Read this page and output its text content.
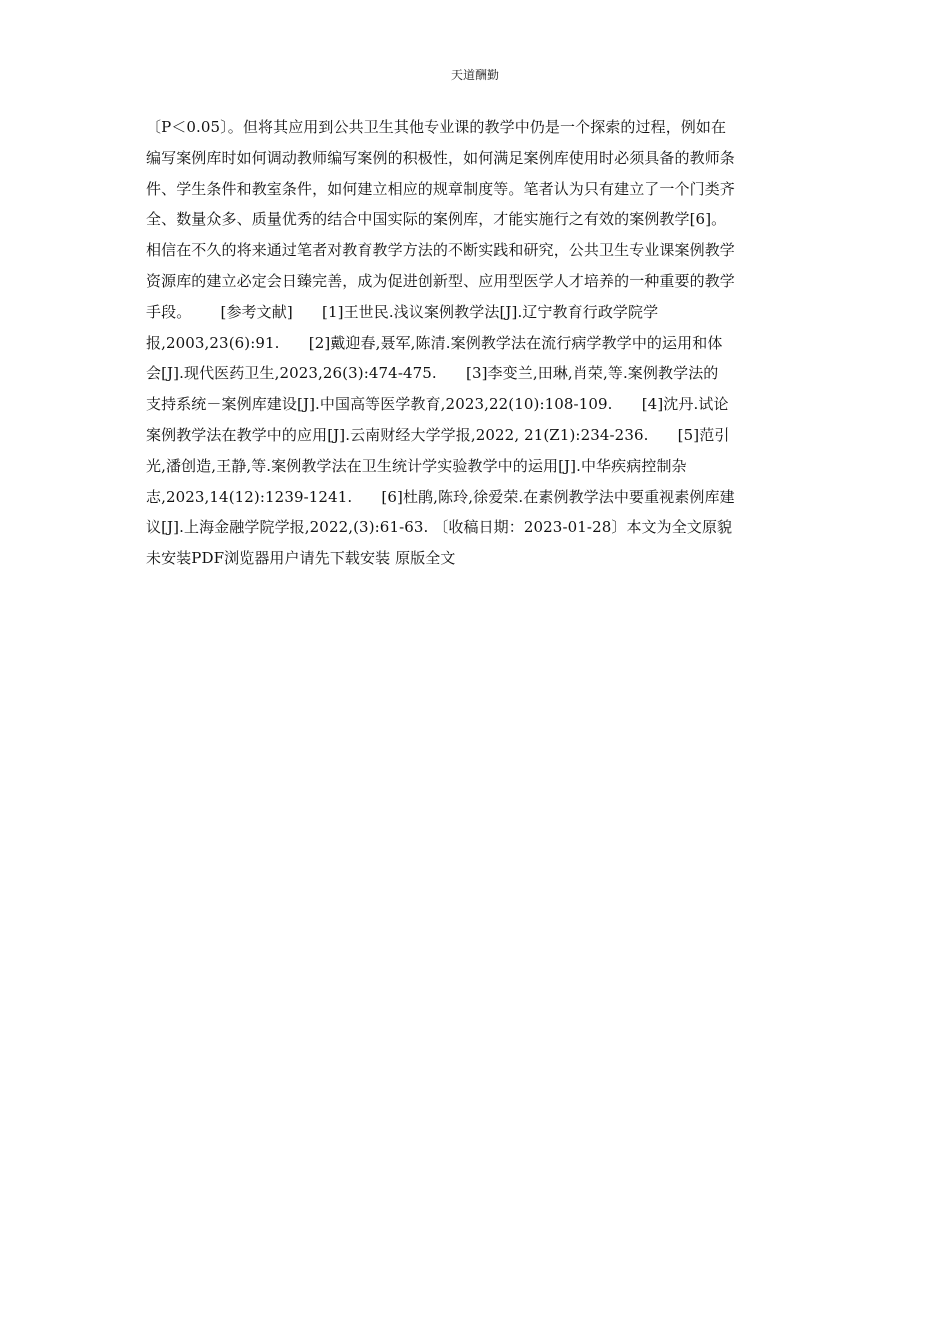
天道酬勤
〔P＜0.05〕。但将其应用到公共卫生其他专业课的教学中仍是一个探索的过程，例如在
编写案例库时如何调动教师编写案例的积极性，如何满足案例库使用时必须具备的教师条
件、学生条件和教室条件，如何建立相应的规章制度等。笔者认为只有建立了一个门类齐
全、数量众多、质量优秀的结合中国实际的案例库，才能实施行之有效的案例教学[6]。
相信在不久的将来通过笔者对教育教学方法的不断实践和研究，公共卫生专业课案例教学
资源库的建立必定会日臻完善，成为促进创新型、应用型医学人才培养的一种重要的教学
手段。      [参考文献]      [1]王世民.浅议案例教学法[J].辽宁教育行政学院学
报,2003,23(6):91.      [2]戴迎春,聂军,陈清.案例教学法在流行病学教学中的运用和体
会[J].现代医药卫生,2023,26(3):474-475.      [3]李变兰,田琳,肖荣,等.案例教学法的
支持系统－案例库建设[J].中国高等医学教育,2023,22(10):108-109.      [4]沈丹.试论
案例教学法在教学中的应用[J].云南财经大学学报,2022, 21(Z1):234-236.      [5]范引
光,潘创造,王静,等.案例教学法在卫生统计学实验教学中的运用[J].中华疾病控制杂
志,2023,14(12):1239-1241.      [6]杜鹃,陈玲,徐爱荣.在素例教学法中要重视素例库建
议[J].上海金融学院学报,2022,(3):61-63. 〔收稿日期：2023-01-28〕本文为全文原貌
未安装PDF浏览器用户请先下载安装 原版全文
